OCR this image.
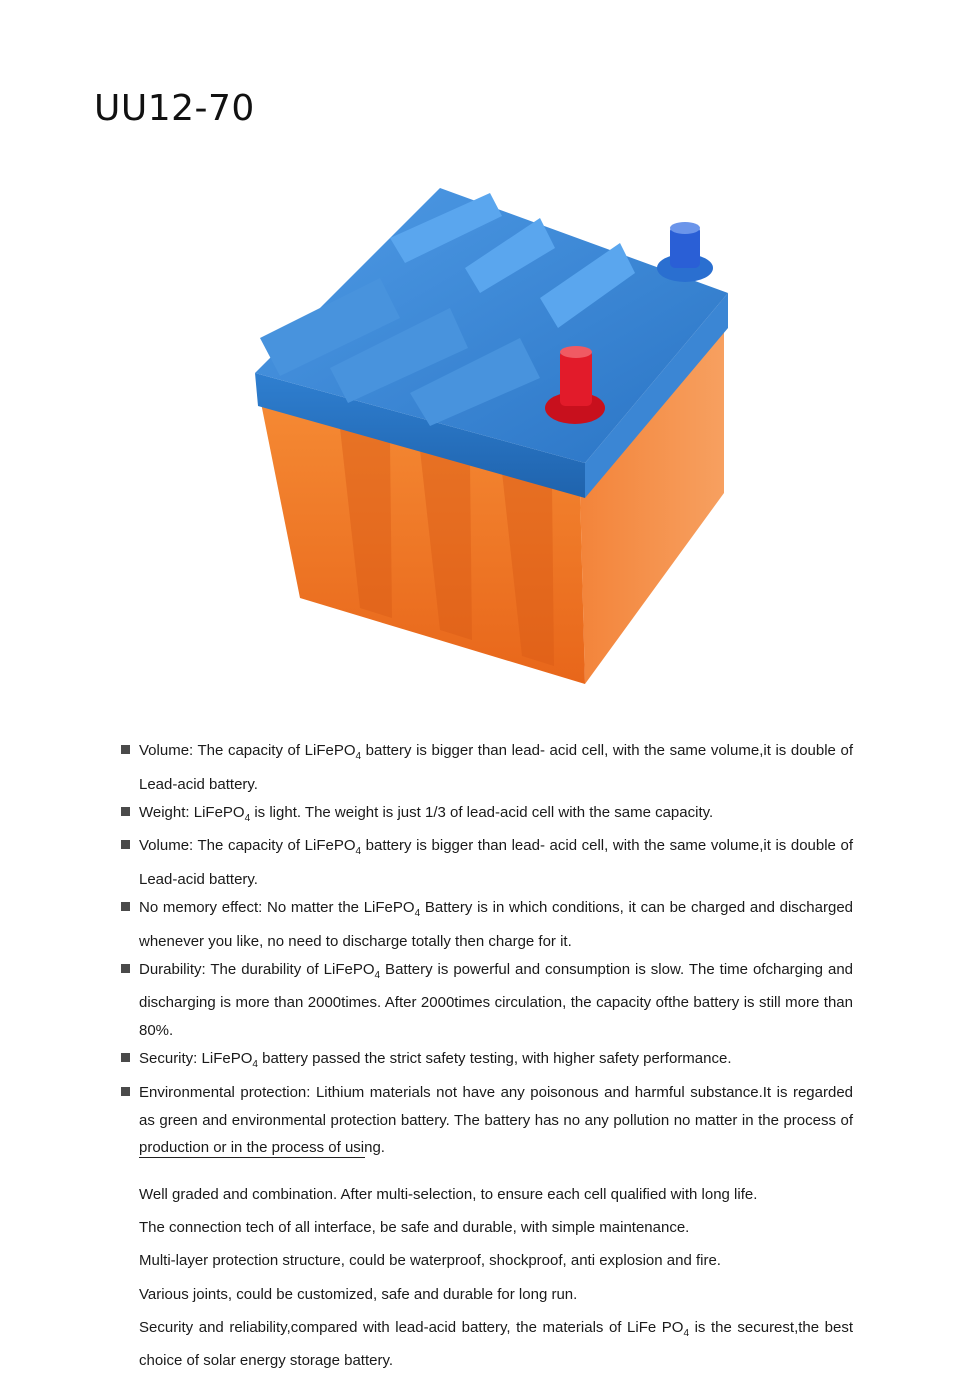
UU12-70
Volume: The capacity of LiFePO$_4$ battery is bigger than lead- acid cell, with the same volume,it is double of Lead-acid battery.
Weight: LiFePO$_4$ is light. The weight is just 1/3 of lead-acid cell with the same capacity.
Volume: The capacity of LiFePO$_4$ battery is bigger than lead- acid cell, with the same volume,it is double of Lead-acid battery.
No memory effect: No matter the LiFePO$_4$ Battery is in which conditions, it can be charged and discharged whenever you like, no need to discharge totally then charge for it.
Durability: The durability of LiFePO$_4$ Battery is powerful and consumption is slow. The time ofcharging and discharging is more than 2000times. After 2000times circulation, the capacity ofthe battery is still more than 80%.
Security: LiFePO$_4$ battery passed the strict safety testing, with higher safety performance.
Environmental protection: Lithium materials not have any poisonous and harmful substance.It is regarded as green and environmental protection battery. The battery has no any pollution no matter in the process of production or in the process of using.
Well graded and combination. After multi-selection, to ensure each cell qualified with long life.
The connection tech of all interface, be safe and durable, with simple maintenance.
Multi-layer protection structure, could be waterproof, shockproof, anti explosion and fire.
Various joints, could be customized, safe and durable for long run.
Security and reliability,compared with lead-acid battery, the materials of LiFe $PO_4$ is the securest,the best choice of solar energy storage battery.
